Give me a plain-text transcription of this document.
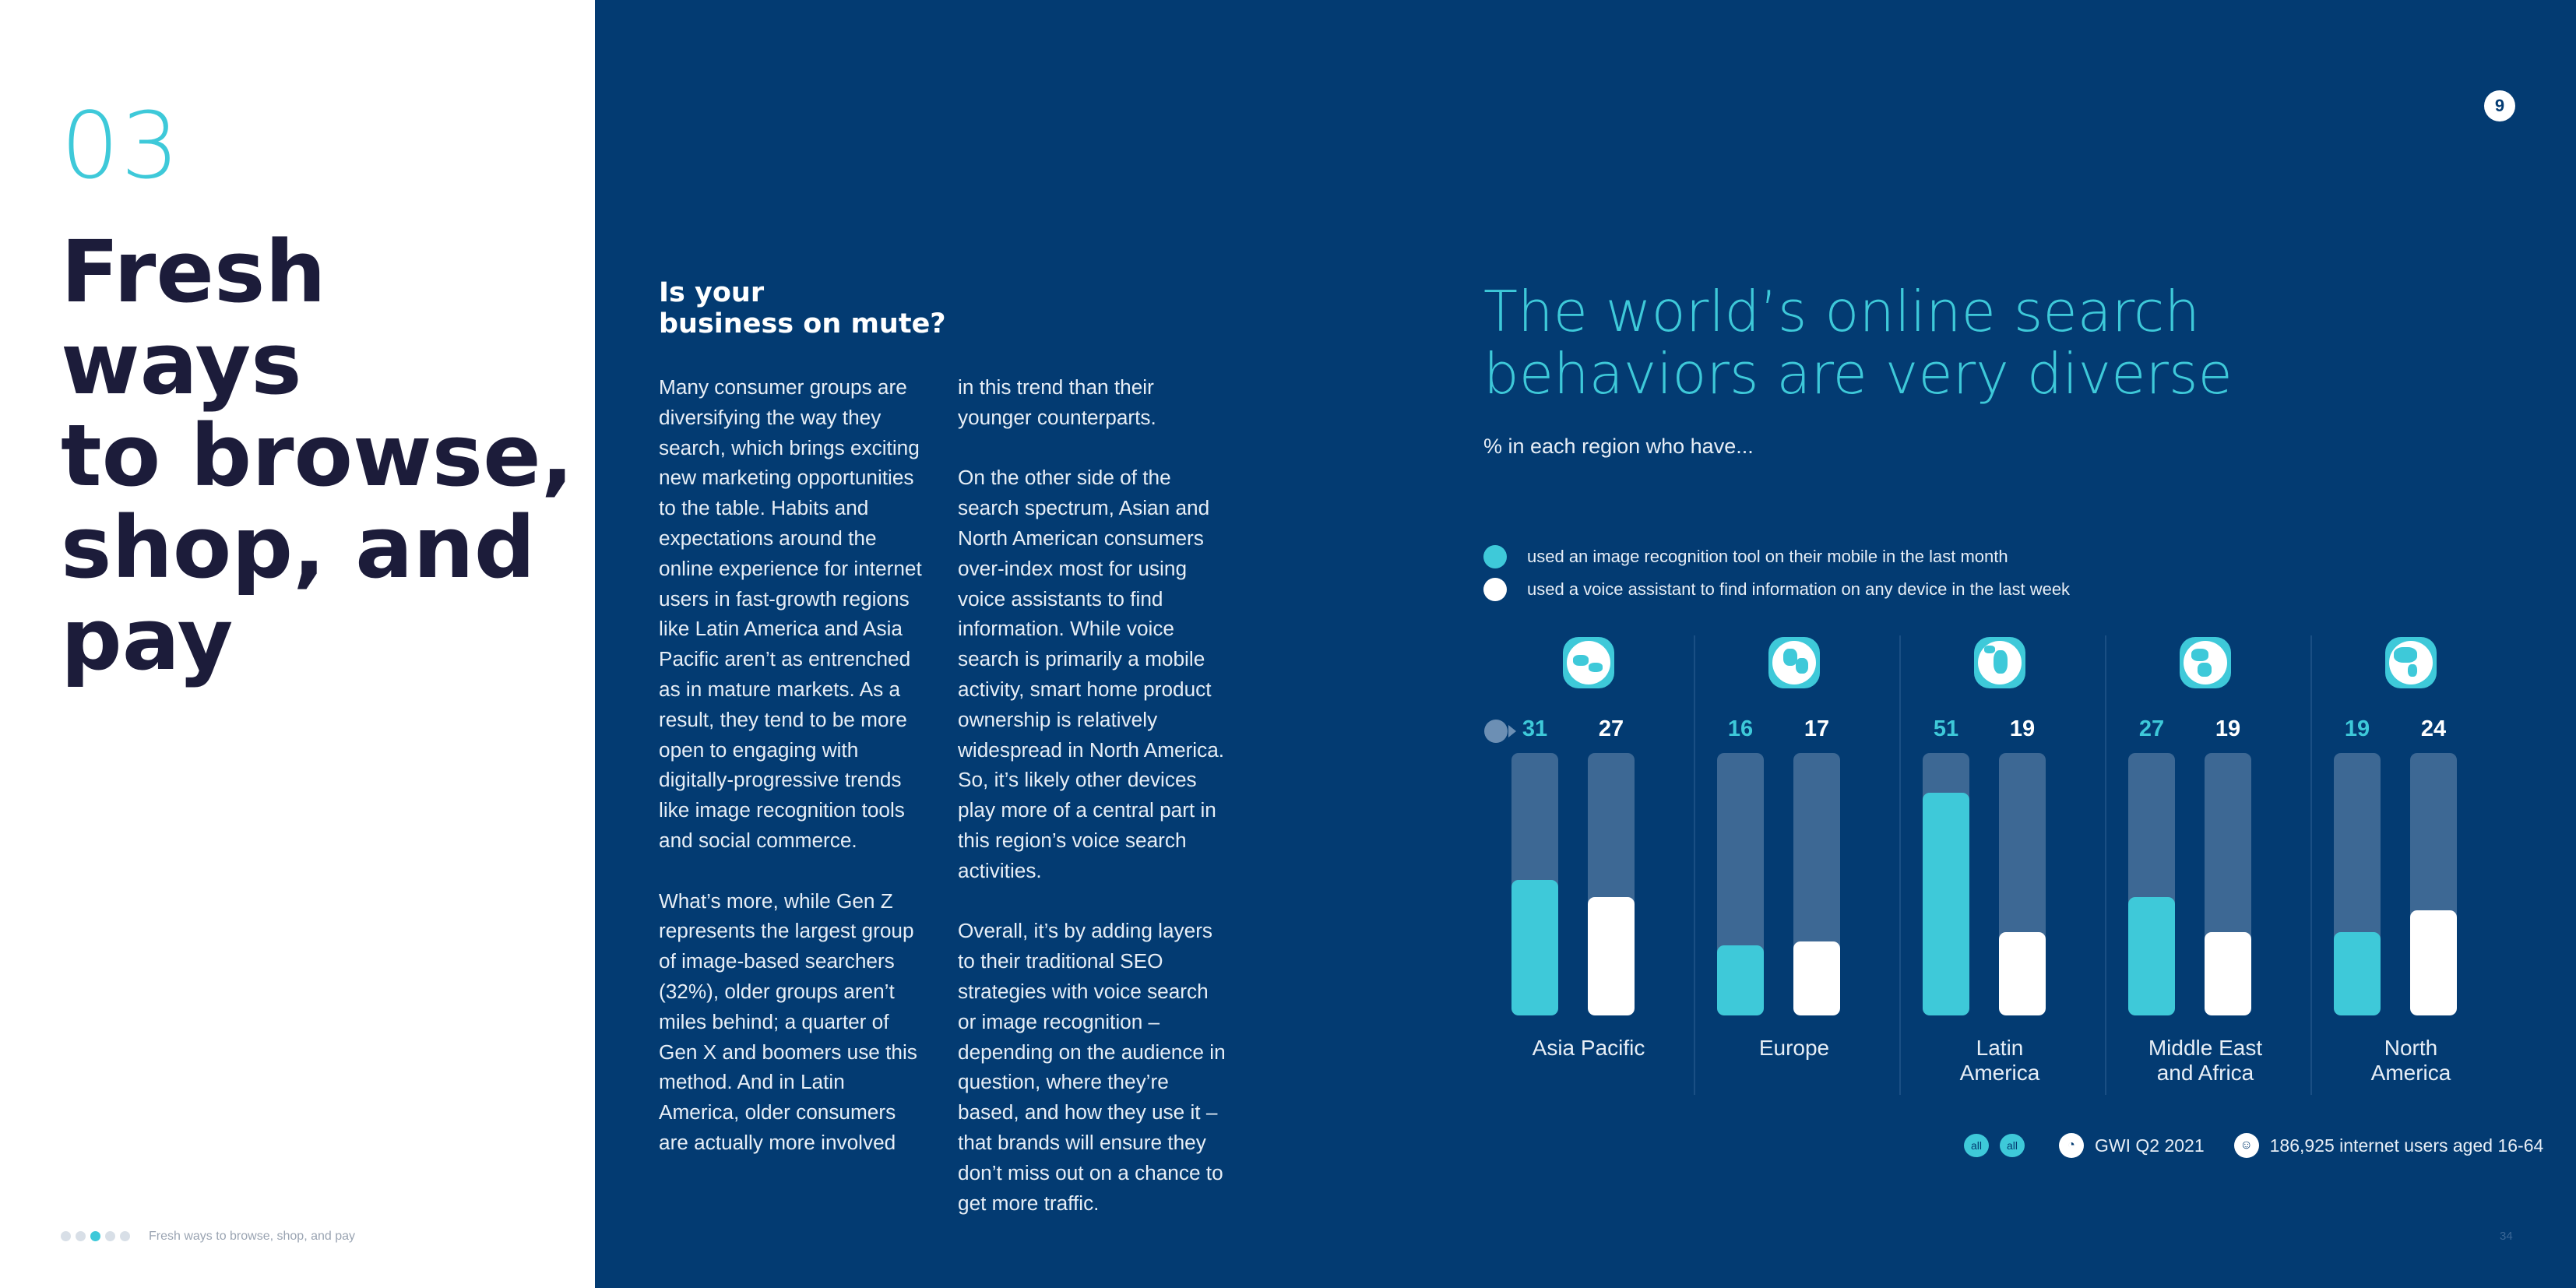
03
Fresh
ways
to browse,
shop, and
pay
Fresh ways to browse, shop, and pay
Is your
business on mute?

Many consumer groups are diversifying the way they search, which brings exciting new marketing opportunities to the table. Habits and expectations around the online experience for internet users in fast-growth regions like Latin America and Asia Pacific aren’t as entrenched as in mature markets. As a result, they tend to be more open to engaging with digitally-progressive trends like image recognition tools and social commerce.

What’s more, while Gen Z represents the largest group of image-based searchers (32%), older groups aren’t miles behind; a quarter of Gen X and boomers use this method. And in Latin America, older consumers are actually more involved

in this trend than their younger counterparts.

On the other side of the search spectrum, Asian and North American consumers over-index most for using voice assistants to find information. While voice search is primarily a mobile activity, smart home product ownership is relatively widespread in North America. So, it’s likely other devices play more of a central part in this region’s voice search activities.

Overall, it’s by adding layers to their traditional SEO strategies with voice search or image recognition – depending on the audience in question, where they’re based, and how they use it – that brands will ensure they don’t miss out on a chance to get more traffic.

9
The world’s online search
behaviors are very diverse
% in each region who have...
used an image recognition tool on their mobile in the last month
used a voice assistant to find information on any device in the last week
31	27
Asia Pacific
16	17
Europe
51	19
Latin
America
27	19
Middle East
and Africa
19	24
North
America
all	all	◔	GWI Q2 2021	☺ 186,925 internet users aged 16-64
34
